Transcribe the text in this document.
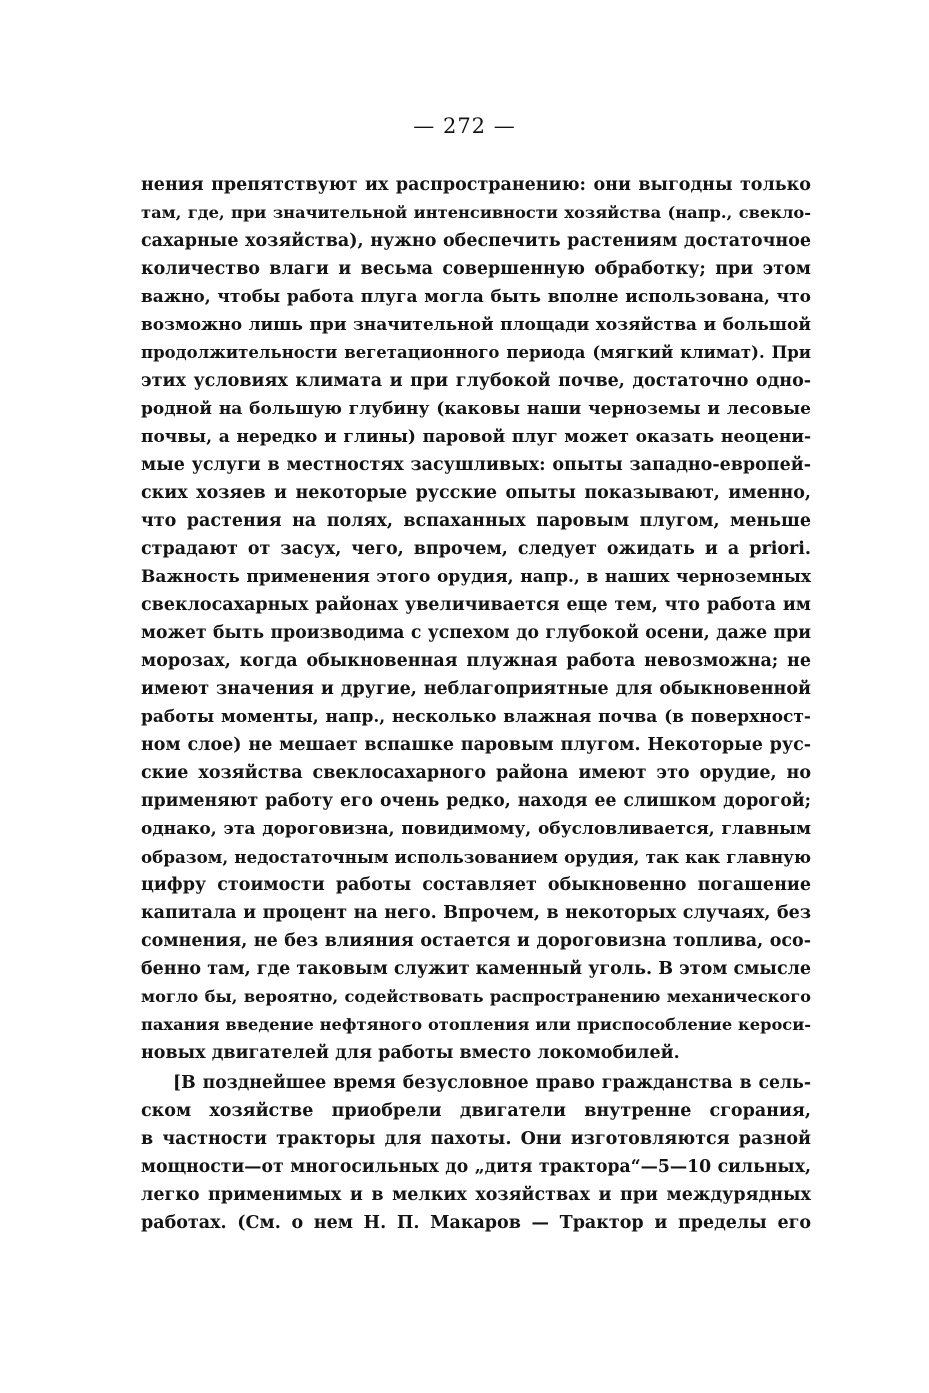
— 272 —
нения препятствуют их распространению: они выгодны только
там, где, при значительной интенсивности хозяйства (напр., свекло-
сахарные хозяйства), нужно обеспечить растениям достаточное
количество влаги и весьма совершенную обработку; при этом
важно, чтобы работа плуга могла быть вполне использована, что
возможно лишь при значительной площади хозяйства и большой
продолжительности вегетационного периода (мягкий климат). При
этих условиях климата и при глубокой почве, достаточно одно-
родной на большую глубину (каковы наши черноземы и лесовые
почвы, а нередко и глины) паровой плуг может оказать неоцени-
мые услуги в местностях засушливых: опыты западно-европей-
ских хозяев и некоторые русские опыты показывают, именно,
что растения на полях, вспаханных паровым плугом, меньше
страдают от засух, чего, впрочем, следует ожидать и a priori.
Важность применения этого орудия, напр., в наших черноземных
свеклосахарных районах увеличивается еще тем, что работа им
может быть производима с успехом до глубокой осени, даже при
морозах, когда обыкновенная плужная работа невозможна; не
имеют значения и другие, неблагоприятные для обыкновенной
работы моменты, напр., несколько влажная почва (в поверхност-
ном слое) не мешает вспашке паровым плугом. Некоторые рус-
ские хозяйства свеклосахарного района имеют это орудие, но
применяют работу его очень редко, находя ее слишком дорогой;
однако, эта дороговизна, повидимому, обусловливается, главным
образом, недостаточным использованием орудия, так как главную
цифру стоимости работы составляет обыкновенно погашение
капитала и процент на него. Впрочем, в некоторых случаях, без
сомнения, не без влияния остается и дороговизна топлива, осо-
бенно там, где таковым служит каменный уголь. В этом смысле
могло бы, вероятно, содействовать распространению механического
пахания введение нефтяного отопления или приспособление кероси-
новых двигателей для работы вместо локомобилей.
[В позднейшее время безусловное право гражданства в сель-
ском хозяйстве приобрели двигатели внутренне сгорания,
в частности тракторы для пахоты. Они изготовляются разной
мощности—от многосильных до „дитя трактора“—5—10 сильных,
легко применимых и в мелких хозяйствах и при междурядных
работах. (См. о нем Н. П. Макаров — Трактор и пределы его
